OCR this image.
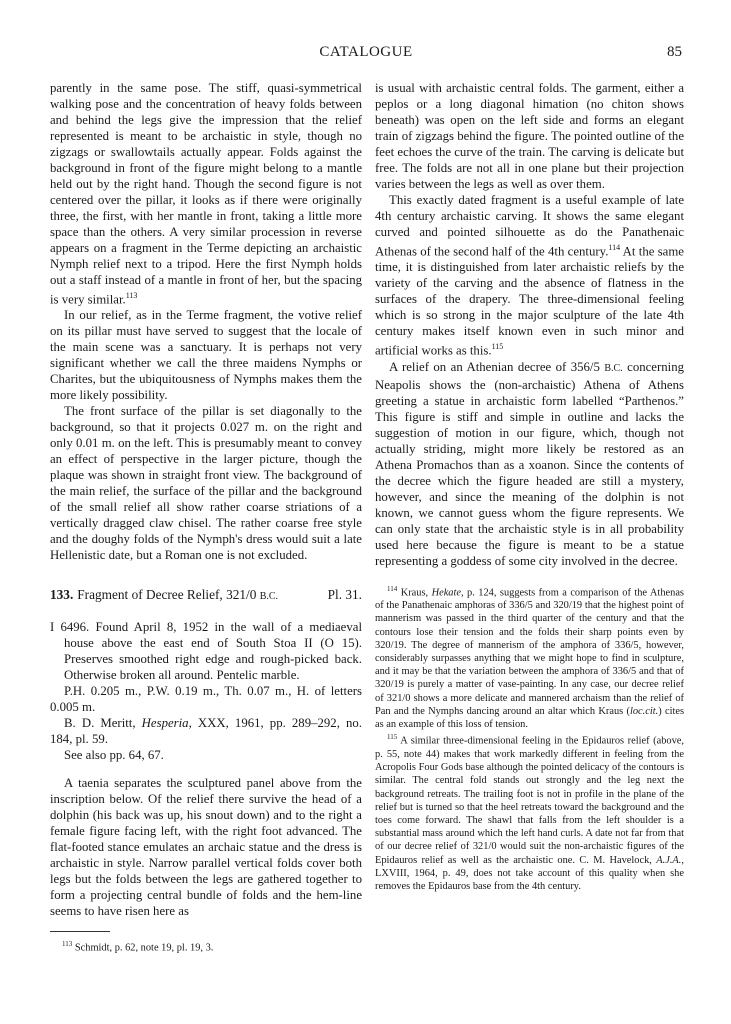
CATALOGUE	85

parently in the same pose. The stiff, quasi-symmetrical walking pose and the concentration of heavy folds between and behind the legs give the impression that the relief represented is meant to be archaistic in style, though no zigzags or swallowtails actually appear. Folds against the background in front of the figure might belong to a mantle held out by the right hand. Though the second figure is not centered over the pillar, it looks as if there were originally three, the first, with her mantle in front, taking a little more space than the others. A very similar procession in reverse appears on a fragment in the Terme depicting an archaistic Nymph relief next to a tripod. Here the first Nymph holds out a staff instead of a mantle in front of her, but the spacing is very similar.$^{113}$

In our relief, as in the Terme fragment, the votive relief on its pillar must have served to suggest that the locale of the main scene was a sanctuary. It is perhaps not very significant whether we call the three maidens Nymphs or Charites, but the ubiquitousness of Nymphs makes them the more likely possibility.

The front surface of the pillar is set diagonally to the background, so that it projects 0.027 m. on the right and only 0.01 m. on the left. This is presumably meant to convey an effect of perspective in the larger picture, though the plaque was shown in straight front view. The background of the main relief, the surface of the pillar and the background of the small relief all show rather coarse striations of a vertically dragged claw chisel. The rather coarse free style and the doughy folds of the Nymph's dress would suit a late Hellenistic date, but a Roman one is not excluded.

133. Fragment of Decree Relief, 321/0 B.C.	Pl. 31.

I 6496. Found April 8, 1952 in the wall of a mediaeval house above the east end of South Stoa II (O 15). Preserves smoothed right edge and rough-picked back. Otherwise broken all around. Pentelic marble.

P.H. 0.205 m., P.W. 0.19 m., Th. 0.07 m., H. of letters 0.005 m.

B. D. Meritt, Hesperia, XXX, 1961, pp. 289–292, no. 184, pl. 59.

See also pp. 64, 67.

A taenia separates the sculptured panel above from the inscription below. Of the relief there survive the head of a dolphin (his back was up, his snout down) and to the right a female figure facing left, with the right foot advanced. The flat-footed stance emulates an archaic statue and the dress is archaistic in style. Narrow parallel vertical folds cover both legs but the folds between the legs are gathered together to form a projecting central bundle of folds and the hem-line seems to have risen here as

$^{113}$ Schmidt, p. 62, note 19, pl. 19, 3.

is usual with archaistic central folds. The garment, either a peplos or a long diagonal himation (no chiton shows beneath) was open on the left side and forms an elegant train of zigzags behind the figure. The pointed outline of the feet echoes the curve of the train. The carving is delicate but free. The folds are not all in one plane but their projection varies between the legs as well as over them.

This exactly dated fragment is a useful example of late 4th century archaistic carving. It shows the same elegant curved and pointed silhouette as do the Panathenaic Athenas of the second half of the 4th century.$^{114}$ At the same time, it is distinguished from later archaistic reliefs by the variety of the carving and the absence of flatness in the surfaces of the drapery. The three-dimensional feeling which is so strong in the major sculpture of the late 4th century makes itself known even in such minor and artificial works as this.$^{115}$

A relief on an Athenian decree of 356/5 B.C. concerning Neapolis shows the (non-archaistic) Athena of Athens greeting a statue in archaistic form labelled “Parthenos.” This figure is stiff and simple in outline and lacks the suggestion of motion in our figure, which, though not actually striding, might more likely be restored as an Athena Promachos than as a xoanon. Since the contents of the decree which the figure headed are still a mystery, however, and since the meaning of the dolphin is not known, we cannot guess whom the figure represents. We can only state that the archaistic style is in all probability used here because the figure is meant to be a statue representing a goddess of some city involved in the decree.

$^{114}$ Kraus, Hekate, p. 124, suggests from a comparison of the Athenas of the Panathenaic amphoras of 336/5 and 320/19 that the highest point of mannerism was passed in the third quarter of the century and that the contours lose their tension and the folds their sharp points even by 320/19. The degree of mannerism of the amphora of 336/5, however, considerably surpasses anything that we might hope to find in sculpture, and it may be that the variation between the amphora of 336/5 and that of 320/19 is purely a matter of vase-painting. In any case, our decree relief of 321/0 shows a more delicate and mannered archaism than the relief of Pan and the Nymphs dancing around an altar which Kraus (loc.cit.) cites as an example of this loss of tension.

$^{115}$ A similar three-dimensional feeling in the Epidauros relief (above, p. 55, note 44) makes that work markedly different in feeling from the Acropolis Four Gods base although the pointed delicacy of the contours is similar. The central fold stands out strongly and the leg next the background retreats. The trailing foot is not in profile in the plane of the relief but is turned so that the heel retreats toward the background and the toes come forward. The shawl that falls from the left shoulder is a substantial mass around which the left hand curls. A date not far from that of our decree relief of 321/0 would suit the non-archaistic figures of the Epidauros relief as well as the archaistic one. C. M. Havelock, A.J.A., LXVIII, 1964, p. 49, does not take account of this quality when she removes the Epidauros base from the 4th century.
